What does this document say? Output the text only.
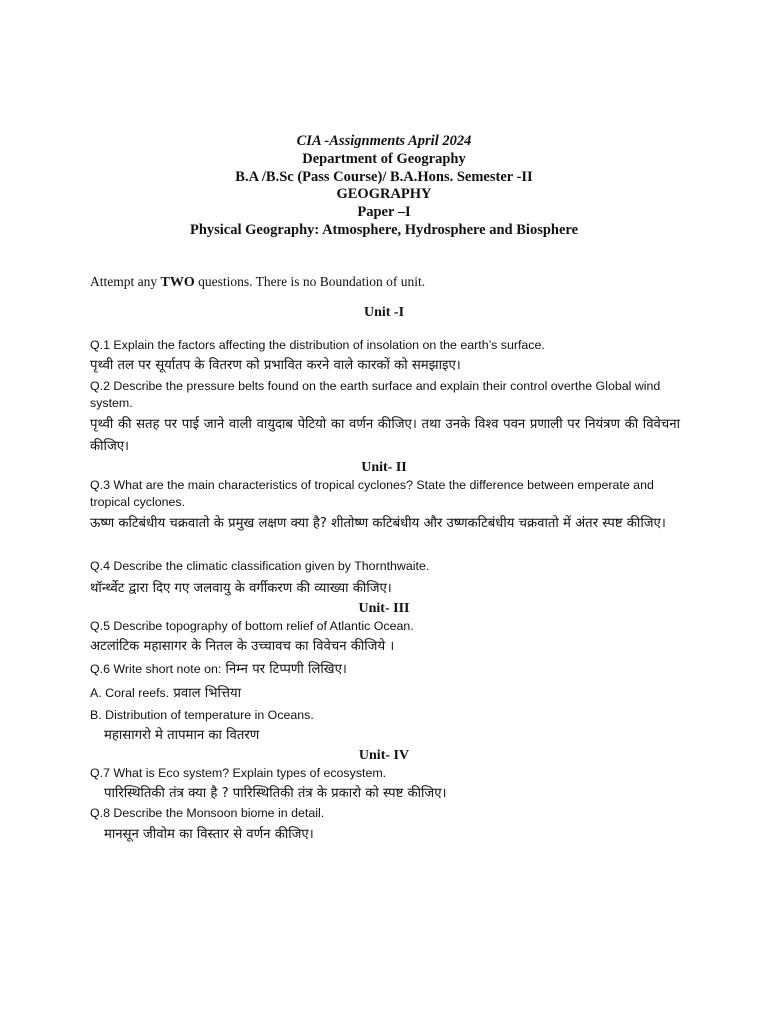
CIA -Assignments April 2024
Department of Geography
B.A /B.Sc (Pass Course)/ B.A.Hons. Semester -II
GEOGRAPHY
Paper –I
Physical Geography: Atmosphere, Hydrosphere and Biosphere
Attempt any TWO questions. There is no Boundation of unit.
Unit -I
Q.1 Explain the factors affecting the distribution of insolation on the earth’s surface.
पृथ्वी तल पर सूर्यातप के वितरण को प्रभावित करने वाले कारकों को समझाइए।
Q.2 Describe the pressure belts found on the earth surface and explain their control overthe Global wind system.
पृथ्वी की सतह पर पाई जाने वाली वायुदाब पेटियो का वर्णन कीजिए। तथा उनके विश्व पवन प्रणाली पर नियंत्रण की विवेचना कीजिए।
Unit- II
Q.3 What are the main characteristics of tropical cyclones? State the difference between emperate and tropical cyclones.
ऊष्ण कटिबंधीय चक्रवातो के प्रमुख लक्षण क्या है? शीतोष्ण कटिबंधीय और उष्णकटिबंधीय चक्रवातो में अंतर स्पष्ट कीजिए।
Q.4 Describe the climatic classification given by Thornthwaite.
थॉर्न्थ्वेट द्वारा दिए गए जलवायु के वर्गीकरण की व्याख्या कीजिए।
Unit- III
Q.5 Describe topography of bottom relief of Atlantic Ocean.
अटलांटिक महासागर के नितल के उच्चावच का विवेचन कीजिये ।
Q.6 Write short note on: निम्न पर टिप्पणी लिखिए।
A. Coral reefs. प्रवाल भित्तिया
B. Distribution of temperature in Oceans.
महासागरो मे तापमान का वितरण
Unit- IV
Q.7 What is Eco system? Explain types of ecosystem.
पारिस्थितिकी तंत्र क्या है ? पारिस्थितिकी तंत्र के प्रकारो को स्पष्ट कीजिए।
Q.8 Describe the Monsoon biome in detail.
मानसून जीवोम का विस्तार से वर्णन कीजिए।
